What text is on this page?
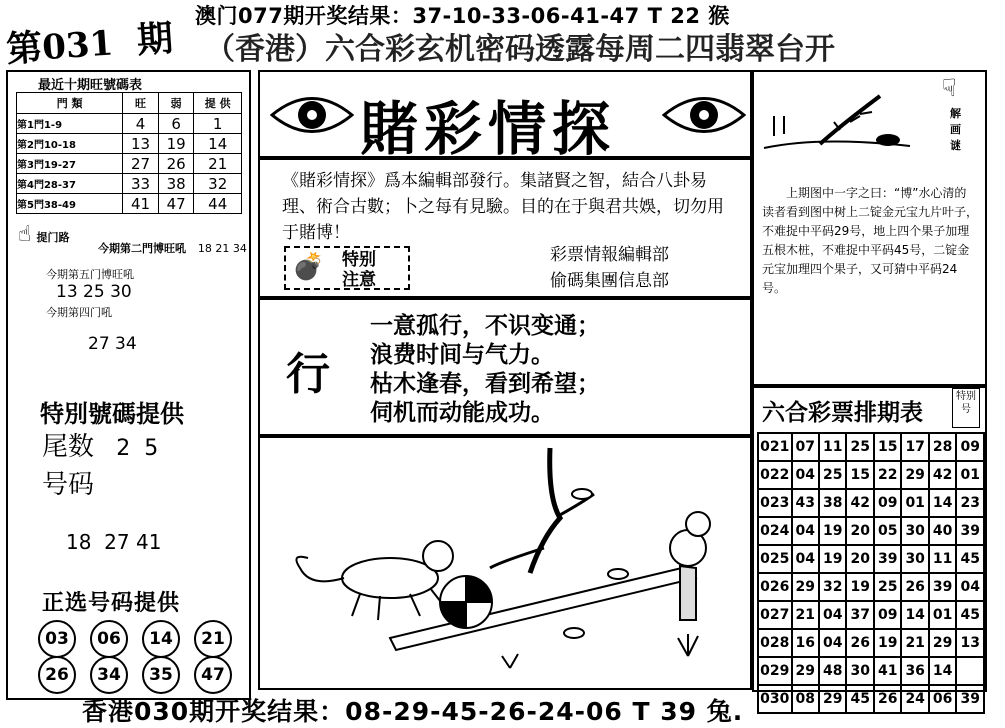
澳门077期开奖结果：37-10-33-06-41-47 T 22 猴
第031 期 （香港）六合彩玄机密码透露每周二四翡翠台开
最近十期旺號碼表
門 類	旺	弱	提 供
第1門1-9	4	6	1
第2門10-18	13	19	14
第3門19-27	27	26	21
第4門28-37	33	38	32
第5門38-49	41	47	44
☝ 提门路
今期第二門博旺吼 18 21 34
今期第五门博旺吼
13 25 30
今期第四门吼
27 34
特別號碼提供
尾数 2  5
号码
18  27 41
正选号码提供
03 06 14 21
26 34 35 47
賭彩情探
《賭彩情探》爲本編輯部發行。集諸賢之智，結合八卦易理、術合古數；卜之每有見驗。目的在于與君共娛，切勿用于賭博！
💣 特别注意
彩票情報編輯部
偷碼集團信息部
行
一意孤行，不识变通；
浪费时间与气力。
枯木逢春，看到希望；
伺机而动能成功。
☟
解画谜
上期图中一字之曰：“博”水心清的读者看到图中树上二锭金元宝九片叶子，不难捉中平码29号，地上四个果子加理五根木桩，不难捉中平码45号，二锭金元宝加理四个果子，又可猜中平码24号。
六合彩票排期表
特别号
021	07	11	25	15	17	28	09
022	04	25	15	22	29	42	01
023	43	38	42	09	01	14	23
024	04	19	20	05	30	40	39
025	04	19	20	39	30	11	45
026	29	32	19	25	26	39	04
027	21	04	37	09	14	01	45
028	16	04	26	19	21	29	13
029	29	48	30	41	36	14	
030	08	29	45	26	24	06	39
香港030期开奖结果：08-29-45-26-24-06 T 39 兔.
